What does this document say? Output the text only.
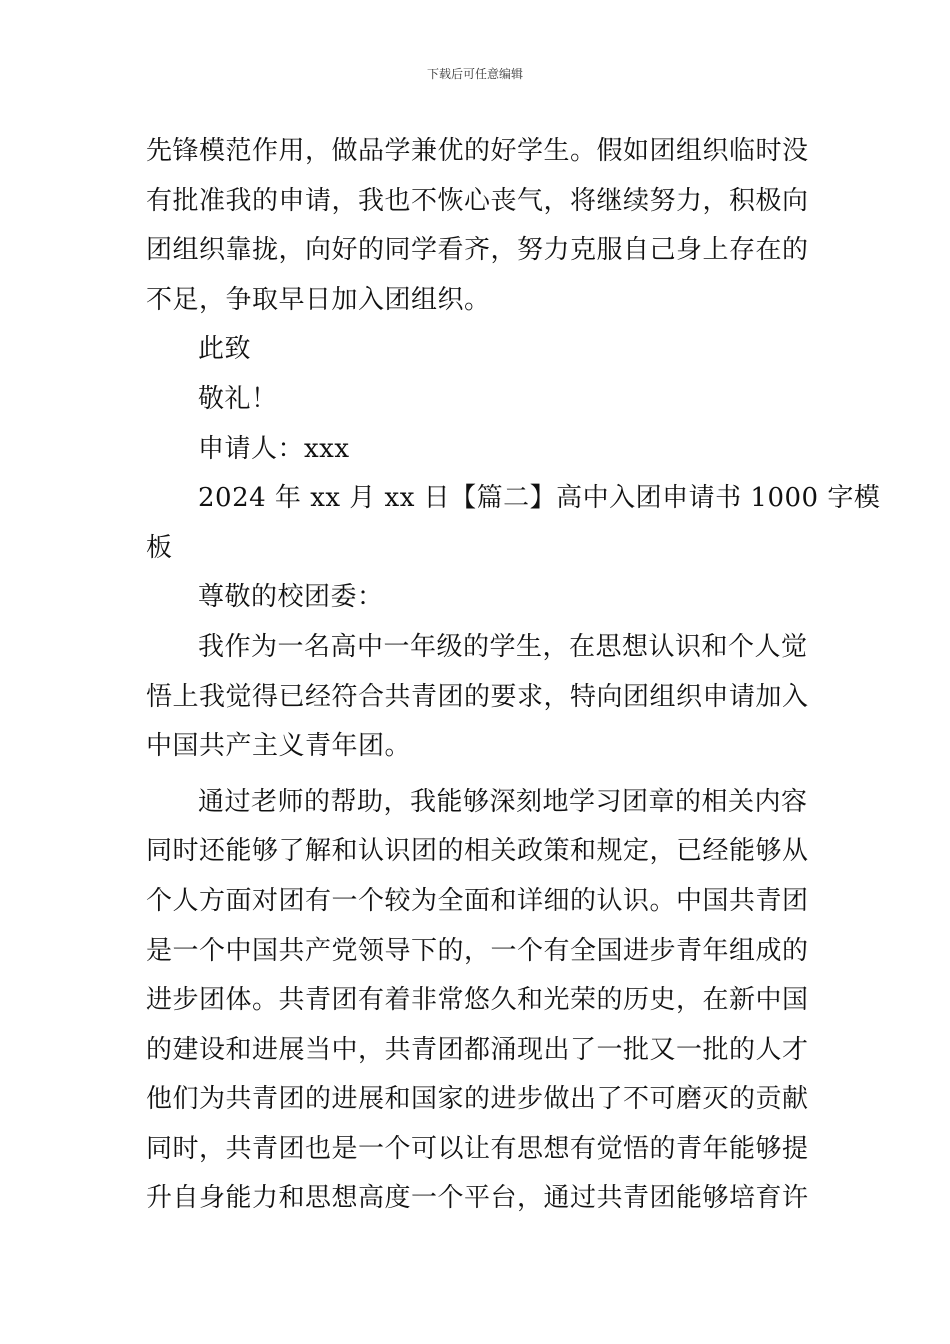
下载后可任意编辑
先锋模范作用，做品学兼优的好学生。假如团组织临时没
有批准我的申请，我也不恢心丧气，将继续努力，积极向
团组织靠拢，向好的同学看齐，努力克服自己身上存在的
不足，争取早日加入团组织。
此致
敬礼！
申请人：xxx
2024 年 xx 月 xx 日【篇二】高中入团申请书 1000 字模
板
尊敬的校团委：
我作为一名高中一年级的学生，在思想认识和个人觉
悟上我觉得已经符合共青团的要求，特向团组织申请加入
中国共产主义青年团。
通过老师的帮助，我能够深刻地学习团章的相关内容
同时还能够了解和认识团的相关政策和规定，已经能够从
个人方面对团有一个较为全面和详细的认识。中国共青团
是一个中国共产党领导下的，一个有全国进步青年组成的
进步团体。共青团有着非常悠久和光荣的历史，在新中国
的建设和进展当中，共青团都涌现出了一批又一批的人才
他们为共青团的进展和国家的进步做出了不可磨灭的贡献
同时，共青团也是一个可以让有思想有觉悟的青年能够提
升自身能力和思想高度一个平台，通过共青团能够培育许
